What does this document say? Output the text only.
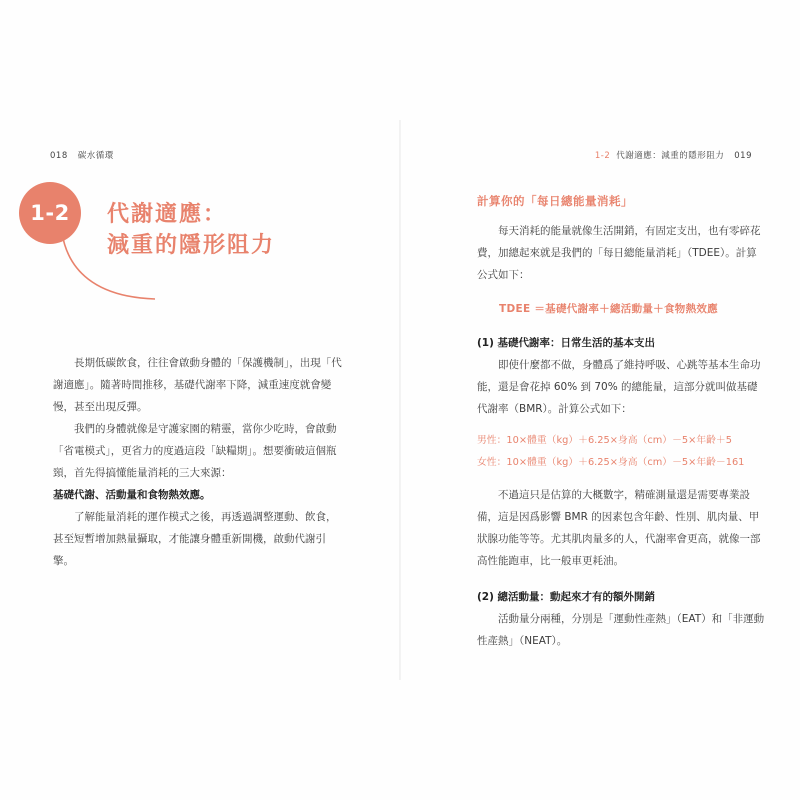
018 碳水循環
1-2	代謝適應：
減重的隱形阻力

長期低碳飲食，往往會啟動身體的「保護機制」，出現「代謝適應」。隨著時間推移，基礎代謝率下降，減重速度就會變慢，甚至出現反彈。

我們的身體就像是守護家園的精靈，當你少吃時，會啟動「省電模式」，更省力的度過這段「缺糧期」。想要衝破這個瓶頸，首先得搞懂能量消耗的三大來源：

基礎代謝、活動量和食物熱效應。

了解能量消耗的運作模式之後，再透過調整運動、飲食，甚至短暫增加熱量攝取，才能讓身體重新開機，啟動代謝引擎。

1-2 代謝適應：減重的隱形阻力 019
計算你的「每日總能量消耗」

每天消耗的能量就像生活開銷，有固定支出，也有零碎花費，加總起來就是我們的「每日總能量消耗」（TDEE）。計算公式如下：

TDEE ＝基礎代謝率＋總活動量＋食物熱效應
(1) 基礎代謝率：日常生活的基本支出

即使什麼都不做，身體爲了維持呼吸、心跳等基本生命功能，還是會花掉 60% 到 70% 的總能量，這部分就叫做基礎代謝率（BMR）。計算公式如下：

男性：10×體重（kg）＋6.25×身高（cm）－5×年齡＋5
女性：10×體重（kg）＋6.25×身高（cm）－5×年齡－161

不過這只是估算的大概數字，精確測量還是需要專業設備，這是因爲影響 BMR 的因素包含年齡、性別、肌肉量、甲狀腺功能等等。尤其肌肉量多的人，代謝率會更高，就像一部高性能跑車，比一般車更耗油。

(2) 總活動量：動起來才有的額外開銷

活動量分兩種，分別是「運動性產熱」（EAT）和「非運動性產熱」（NEAT）。
